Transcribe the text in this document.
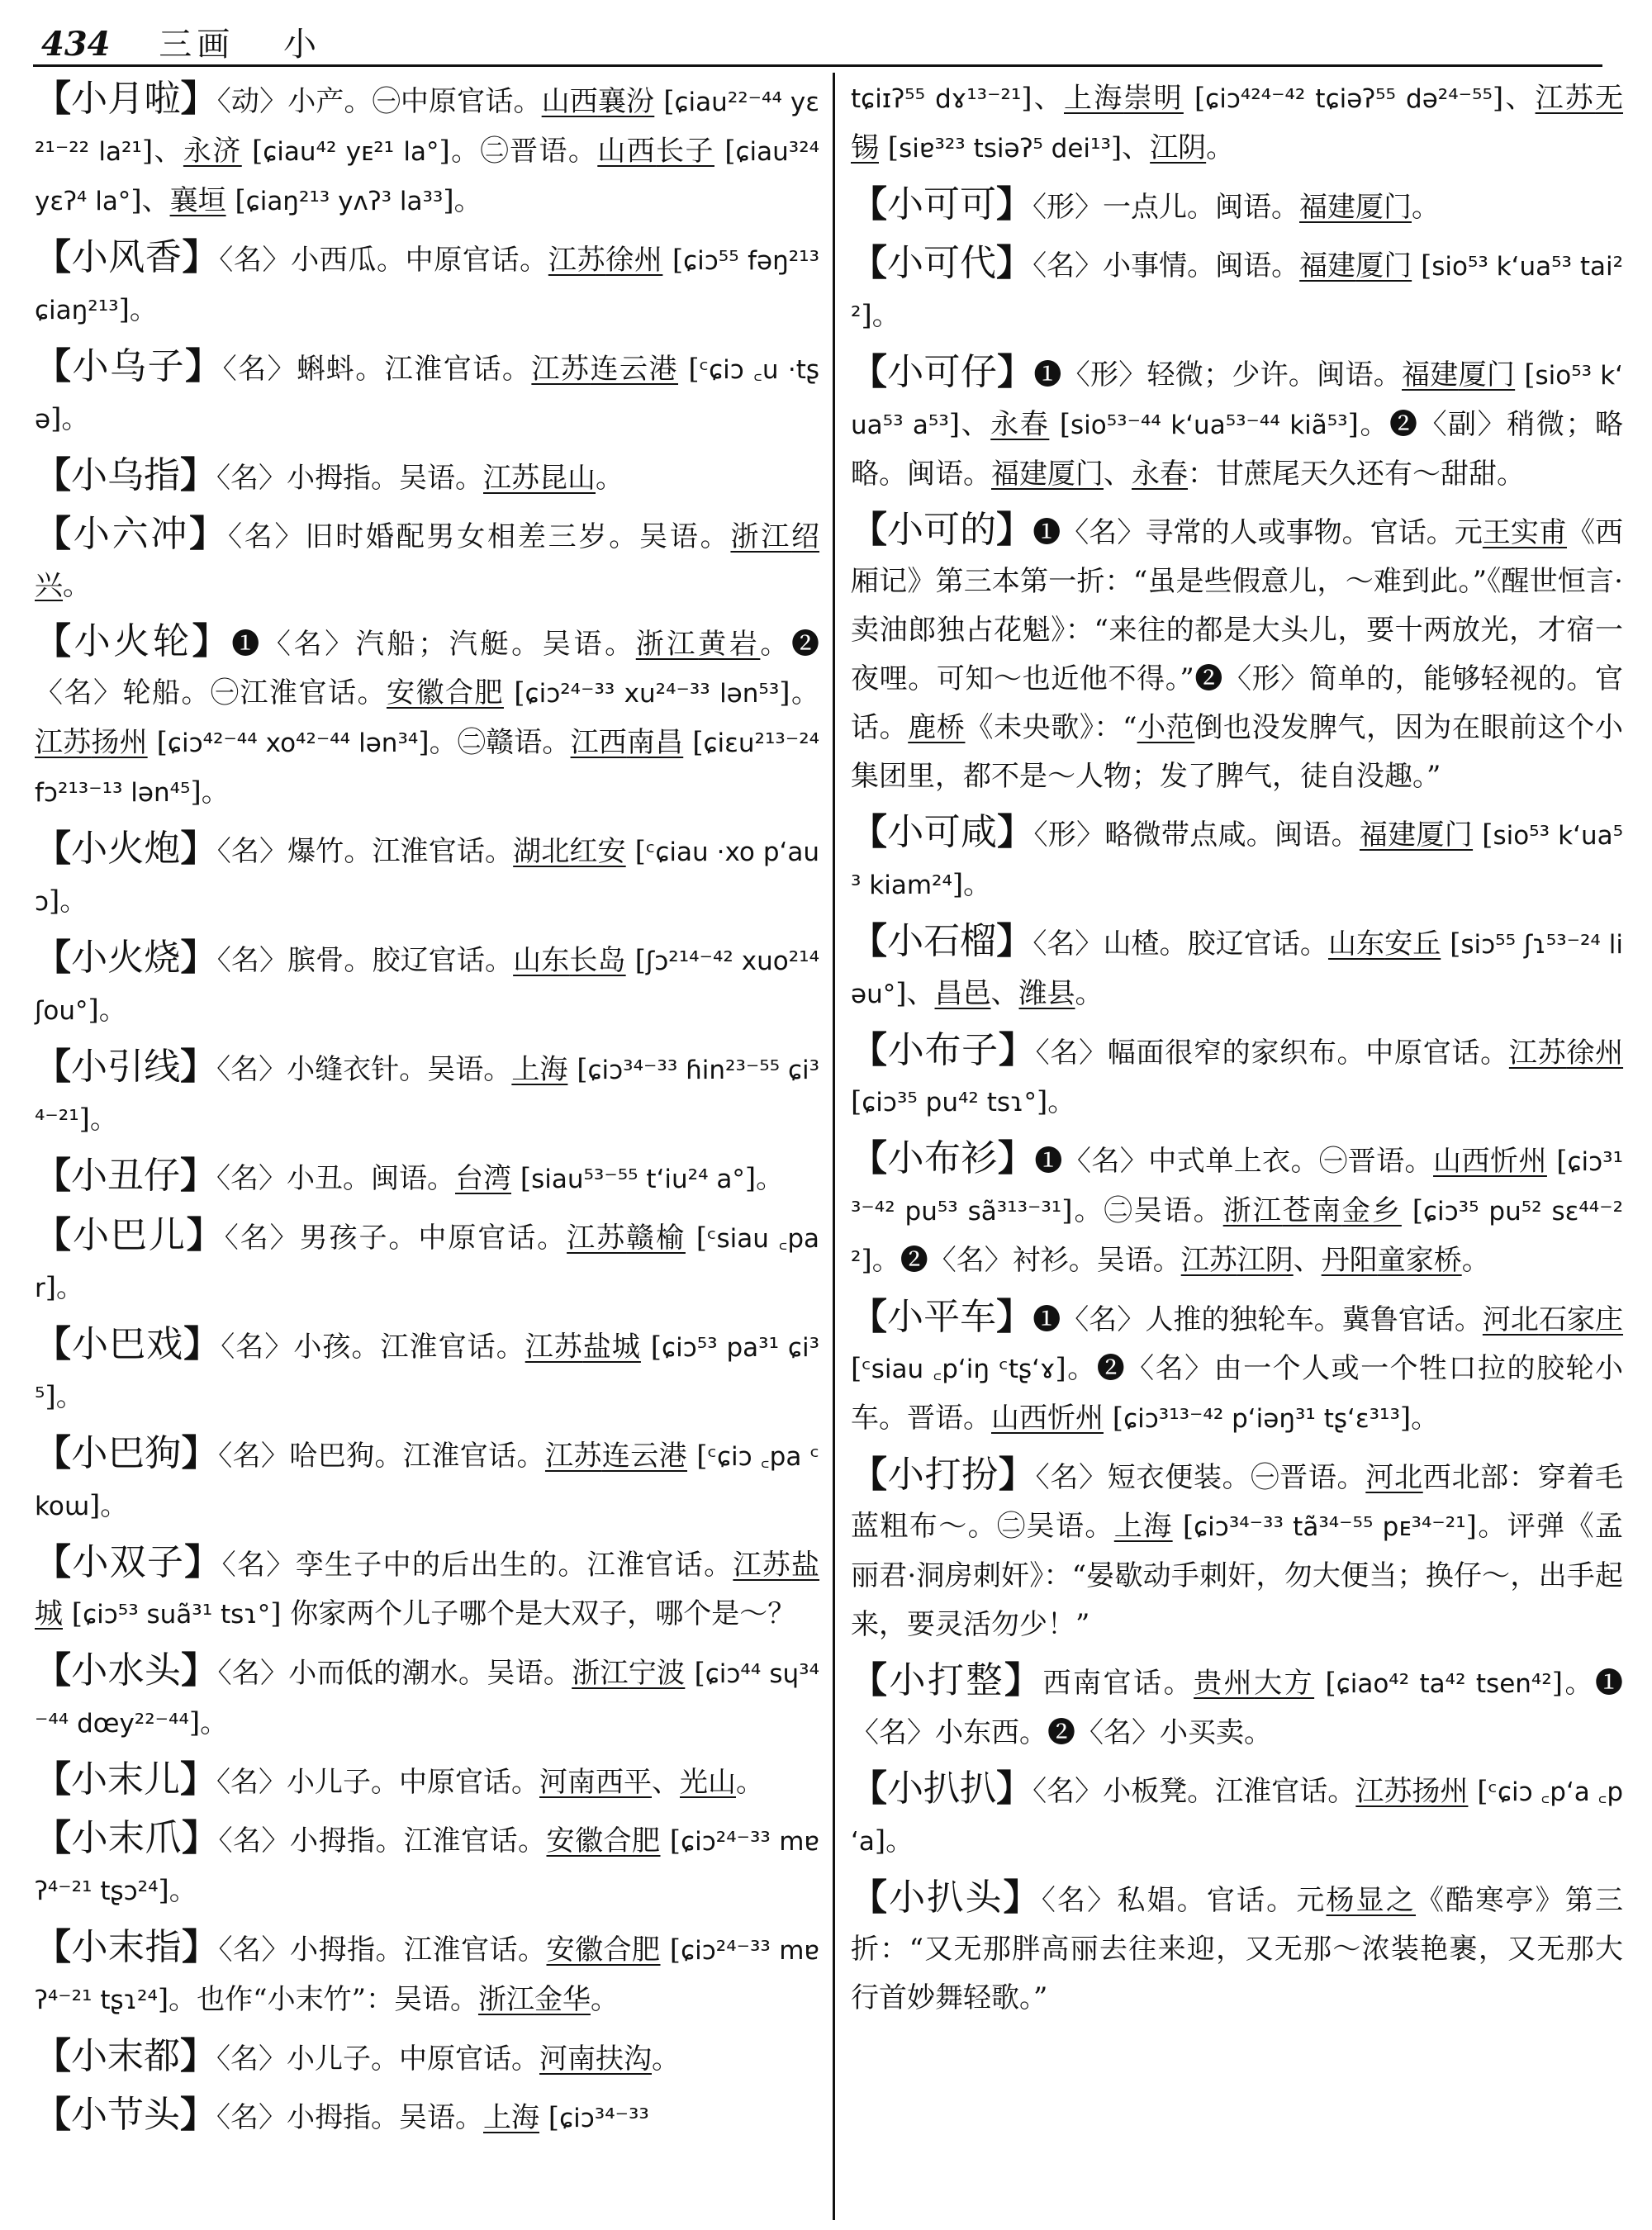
434 三画 小
【小月啦】〈动〉小产。㊀中原官话。山西襄汾 [ɕiau²²⁻⁴⁴ yɛ²¹⁻²² la²¹]、永济 [ɕiau⁴² yᴇ²¹ la°]。㊁晋语。山西长子 [ɕiau³²⁴ yɛʔ⁴ la°]、襄垣 [ɕiaŋ²¹³ yʌʔ³ la³³]。
【小风香】〈名〉小西瓜。中原官话。江苏徐州 [ɕiɔ⁵⁵ fəŋ²¹³ ɕiaŋ²¹³]。
【小乌子】〈名〉蝌蚪。江淮官话。江苏连云港 [ᶜɕiɔ ꜀u ·tʂə]。
【小乌指】〈名〉小拇指。吴语。江苏昆山。
【小六冲】〈名〉旧时婚配男女相差三岁。吴语。浙江绍兴。
【小火轮】❶〈名〉汽船；汽艇。吴语。浙江黄岩。❷〈名〉轮船。㊀江淮官话。安徽合肥 [ɕiɔ²⁴⁻³³ xu²⁴⁻³³ lən⁵³]。江苏扬州 [ɕiɔ⁴²⁻⁴⁴ xo⁴²⁻⁴⁴ lən³⁴]。㊁赣语。江西南昌 [ɕiɛu²¹³⁻²⁴ fɔ²¹³⁻¹³ lən⁴⁵]。
【小火炮】〈名〉爆竹。江淮官话。湖北红安 [ᶜɕiau ·xo pʻau ͻ]。
【小火烧】〈名〉膑骨。胶辽官话。山东长岛 [ʃɔ²¹⁴⁻⁴² xuo²¹⁴ ʃou°]。
【小引线】〈名〉小缝衣针。吴语。上海 [ɕiɔ³⁴⁻³³ ɦin²³⁻⁵⁵ ɕi³⁴⁻²¹]。
【小丑仔】〈名〉小丑。闽语。台湾 [siau⁵³⁻⁵⁵ tʻiu²⁴ a°]。
【小巴儿】〈名〉男孩子。中原官话。江苏赣榆 [ᶜsiau ꜀par]。
【小巴戏】〈名〉小孩。江淮官话。江苏盐城 [ɕiɔ⁵³ pa³¹ ɕi³⁵]。
【小巴狗】〈名〉哈巴狗。江淮官话。江苏连云港 [ᶜɕiɔ ꜀pa ᶜkoɯ]。
【小双子】〈名〉孪生子中的后出生的。江淮官话。江苏盐城 [ɕiɔ⁵³ suã³¹ tsɿ°] 你家两个儿子哪个是大双子，哪个是～？
【小水头】〈名〉小而低的潮水。吴语。浙江宁波 [ɕiɔ⁴⁴ sɥ³⁴⁻⁴⁴ dœy²²⁻⁴⁴]。
【小末儿】〈名〉小儿子。中原官话。河南西平、光山。
【小末爪】〈名〉小拇指。江淮官话。安徽合肥 [ɕiɔ²⁴⁻³³ mɐʔ⁴⁻²¹ tʂɔ²⁴]。
【小末指】〈名〉小拇指。江淮官话。安徽合肥 [ɕiɔ²⁴⁻³³ mɐʔ⁴⁻²¹ tʂɿ²⁴]。也作“小末竹”：吴语。浙江金华。
【小末都】〈名〉小儿子。中原官话。河南扶沟。
【小节头】〈名〉小拇指。吴语。上海 [ɕiɔ³⁴⁻³³
tɕiɪʔ⁵⁵ dɤ¹³⁻²¹]、上海崇明 [ɕiɔ⁴²⁴⁻⁴² tɕiəʔ⁵⁵ də²⁴⁻⁵⁵]、江苏无锡 [siɐ³²³ tsiəʔ⁵ dei¹³]、江阴。
【小可可】〈形〉一点儿。闽语。福建厦门。
【小可代】〈名〉小事情。闽语。福建厦门 [sio⁵³ kʻua⁵³ tai²²]。
【小可仔】❶〈形〉轻微；少许。闽语。福建厦门 [sio⁵³ kʻua⁵³ a⁵³]、永春 [sio⁵³⁻⁴⁴ kʻua⁵³⁻⁴⁴ kiã⁵³]。❷〈副〉稍微；略略。闽语。福建厦门、永春：甘蔗尾天久还有～甜甜。
【小可的】❶〈名〉寻常的人或事物。官话。元王实甫《西厢记》第三本第一折：“虽是些假意儿，～难到此。”《醒世恒言·卖油郎独占花魁》：“来往的都是大头儿，要十两放光，才宿一夜哩。可知～也近他不得。”❷〈形〉简单的，能够轻视的。官话。鹿桥《未央歌》：“小范倒也没发脾气，因为在眼前这个小集团里，都不是～人物；发了脾气，徒自没趣。”
【小可咸】〈形〉略微带点咸。闽语。福建厦门 [sio⁵³ kʻua⁵³ kiam²⁴]。
【小石榴】〈名〉山楂。胶辽官话。山东安丘 [siɔ⁵⁵ ʃɿ⁵³⁻²⁴ liəu°]、昌邑、潍县。
【小布子】〈名〉幅面很窄的家织布。中原官话。江苏徐州 [ɕiɔ³⁵ pu⁴² tsɿ°]。
【小布衫】❶〈名〉中式单上衣。㊀晋语。山西忻州 [ɕiɔ³¹³⁻⁴² pu⁵³ sã³¹³⁻³¹]。㊁吴语。浙江苍南金乡 [ɕiɔ³⁵ pu⁵² sɛ⁴⁴⁻²²]。❷〈名〉衬衫。吴语。江苏江阴、丹阳童家桥。
【小平车】❶〈名〉人推的独轮车。冀鲁官话。河北石家庄 [ᶜsiau ꜀pʻiŋ ᶜtʂʻɤ]。❷〈名〉由一个人或一个牲口拉的胶轮小车。晋语。山西忻州 [ɕiɔ³¹³⁻⁴² pʻiəŋ³¹ tʂʻɛ³¹³]。
【小打扮】〈名〉短衣便装。㊀晋语。河北西北部：穿着毛蓝粗布～。㊁吴语。上海 [ɕiɔ³⁴⁻³³ tã³⁴⁻⁵⁵ pᴇ³⁴⁻²¹]。评弹《孟丽君·洞房刺奸》：“晏歇动手刺奸，勿大便当；换仔～，出手起来，要灵活勿少！”
【小打整】西南官话。贵州大方 [ɕiao⁴² ta⁴² tsen⁴²]。❶〈名〉小东西。❷〈名〉小买卖。
【小扒扒】〈名〉小板凳。江淮官话。江苏扬州 [ᶜɕiɔ ꜀pʻa ꜀pʻa]。
【小扒头】〈名〉私娼。官话。元杨显之《酷寒亭》第三折：“又无那胖高丽去往来迎，又无那～浓装艳裹，又无那大行首妙舞轻歌。”
